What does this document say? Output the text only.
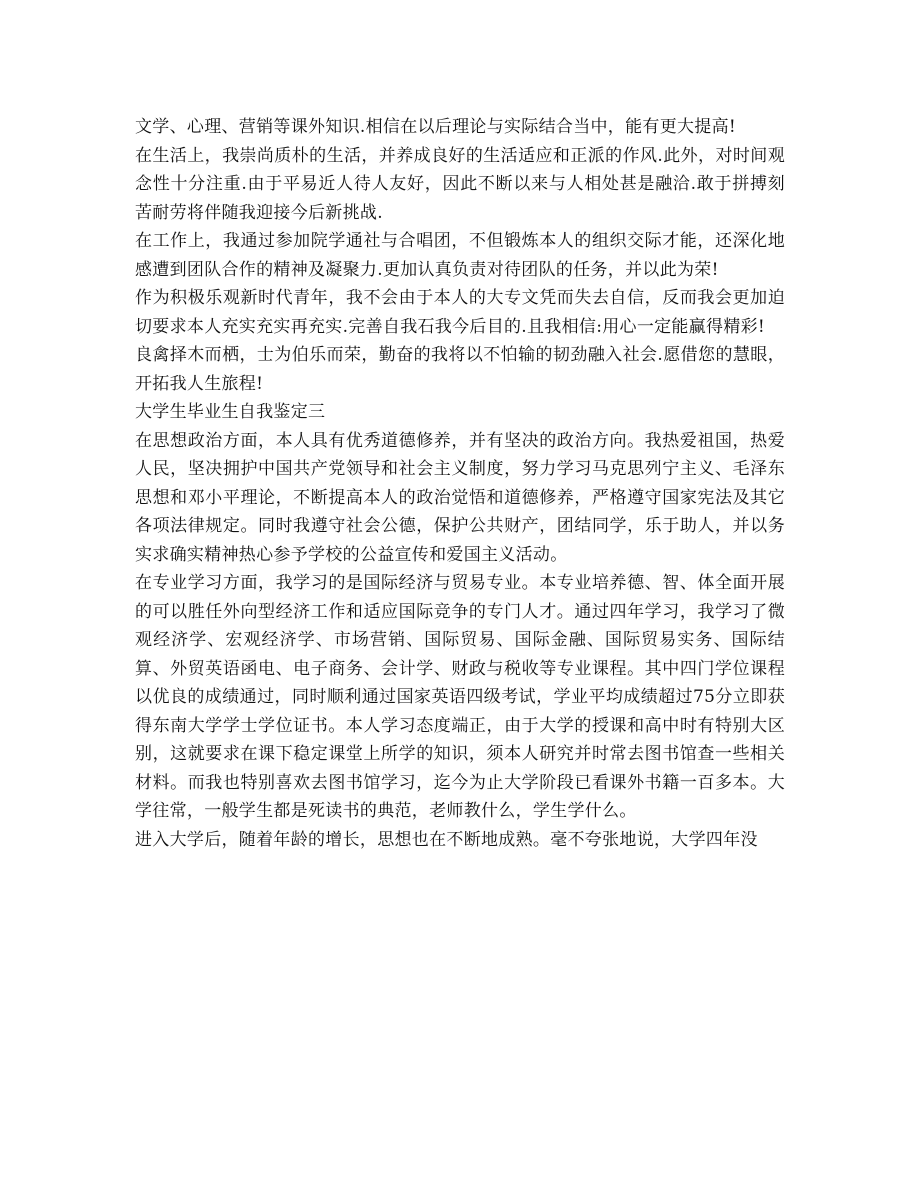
文学、心理、营销等课外知识.相信在以后理论与实际结合当中，能有更大提高!

在生活上，我崇尚质朴的生活，并养成良好的生活适应和正派的作风.此外，对时间观念性十分注重.由于平易近人待人友好，因此不断以来与人相处甚是融洽.敢于拼搏刻苦耐劳将伴随我迎接今后新挑战.

在工作上，我通过参加院学通社与合唱团，不但锻炼本人的组织交际才能，还深化地感遭到团队合作的精神及凝聚力.更加认真负责对待团队的任务，并以此为荣!

作为积极乐观新时代青年，我不会由于本人的大专文凭而失去自信，反而我会更加迫切要求本人充实充实再充实.完善自我石我今后目的.且我相信:用心一定能赢得精彩!

良禽择木而栖，士为伯乐而荣，勤奋的我将以不怕输的韧劲融入社会.愿借您的慧眼，开拓我人生旅程!

大学生毕业生自我鉴定三

在思想政治方面，本人具有优秀道德修养，并有坚决的政治方向。我热爱祖国，热爱人民，坚决拥护中国共产党领导和社会主义制度，努力学习马克思列宁主义、毛泽东思想和邓小平理论，不断提高本人的政治觉悟和道德修养，严格遵守国家宪法及其它各项法律规定。同时我遵守社会公德，保护公共财产，团结同学，乐于助人，并以务实求确实精神热心参予学校的公益宣传和爱国主义活动。

在专业学习方面，我学习的是国际经济与贸易专业。本专业培养德、智、体全面开展的可以胜任外向型经济工作和适应国际竞争的专门人才。通过四年学习，我学习了微观经济学、宏观经济学、市场营销、国际贸易、国际金融、国际贸易实务、国际结算、外贸英语函电、电子商务、会计学、财政与税收等专业课程。其中四门学位课程以优良的成绩通过，同时顺利通过国家英语四级考试，学业平均成绩超过75分立即获得东南大学学士学位证书。本人学习态度端正，由于大学的授课和高中时有特别大区别，这就要求在课下稳定课堂上所学的知识，须本人研究并时常去图书馆查一些相关材料。而我也特别喜欢去图书馆学习，迄今为止大学阶段已看课外书籍一百多本。大学往常，一般学生都是死读书的典范，老师教什么，学生学什么。

进入大学后，随着年龄的增长，思想也在不断地成熟。毫不夸张地说，大学四年没
